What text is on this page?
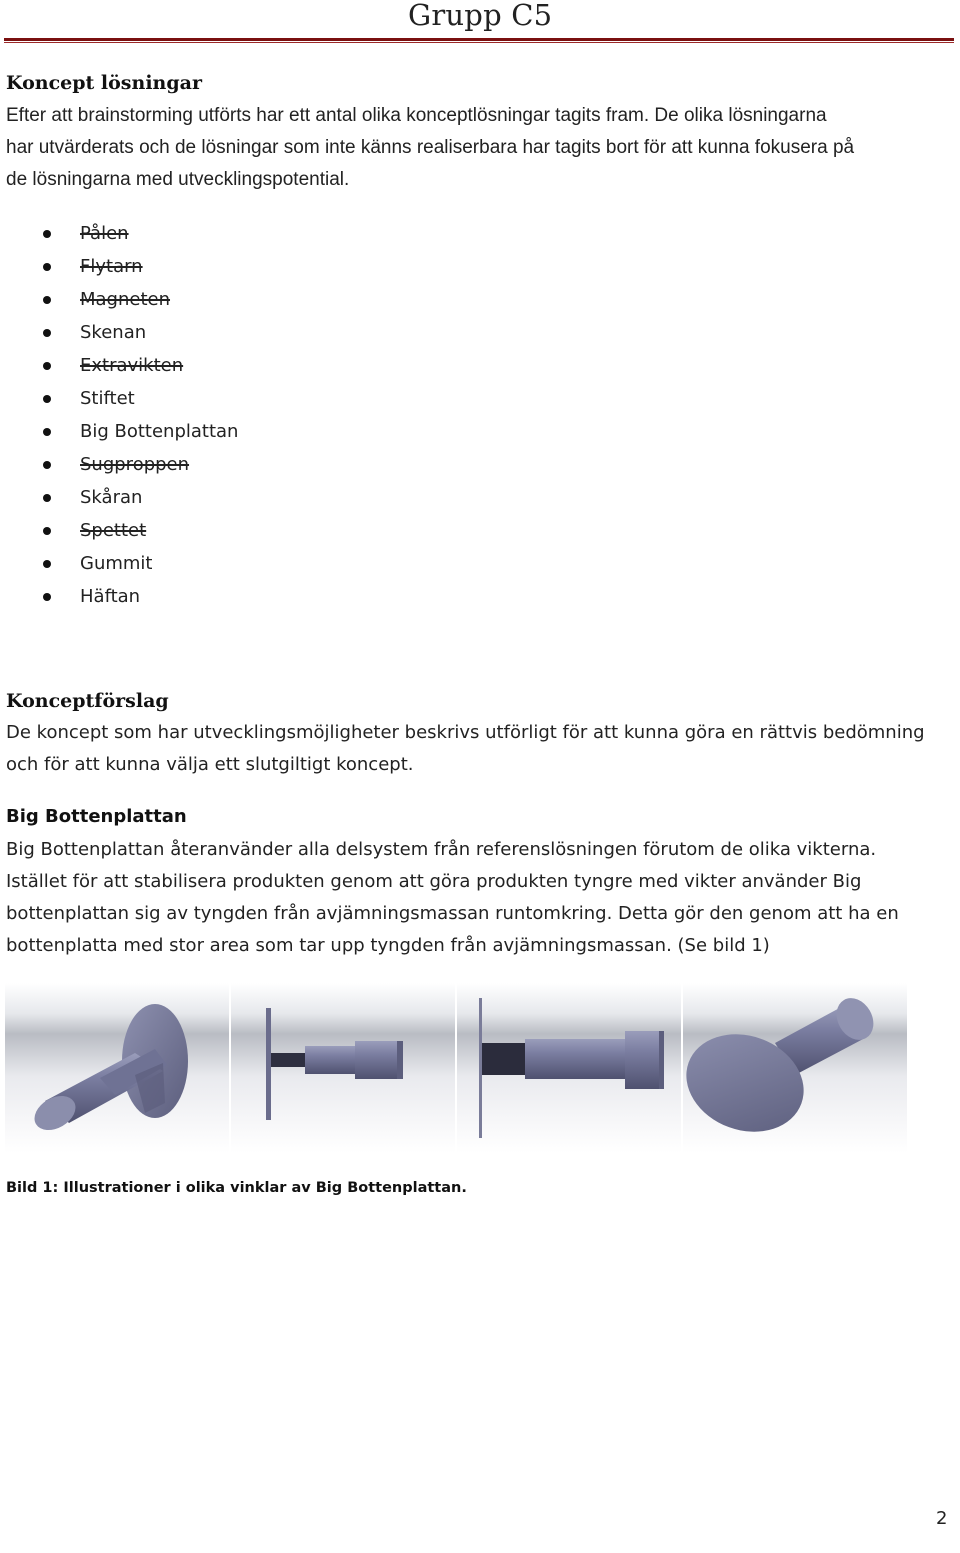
Grupp C5
Koncept lösningar
Efter att brainstorming utförts har ett antal olika konceptlösningar tagits fram. De olika lösningarna
har utvärderats och de lösningar som inte känns realiserbara har tagits bort för att kunna fokusera på
de lösningarna med utvecklingspotential.
Pålen
Flytarn
Magneten
Skenan
Extravikten
Stiftet
Big Bottenplattan
Sugproppen
Skåran
Spettet
Gummit
Häftan
Konceptförslag
De koncept som har utvecklingsmöjligheter beskrivs utförligt för att kunna göra en rättvis bedömning
och för att kunna välja ett slutgiltigt koncept.
Big Bottenplattan
Big Bottenplattan återanvänder alla delsystem från referenslösningen förutom de olika vikterna.
Istället för att stabilisera produkten genom att göra produkten tyngre med vikter använder Big
bottenplattan sig av tyngden från avjämningsmassan runtomkring. Detta gör den genom att ha en
bottenplatta med stor area som tar upp tyngden från avjämningsmassan. (Se bild 1)
Bild 1: Illustrationer i olika vinklar av Big Bottenplattan.
2
